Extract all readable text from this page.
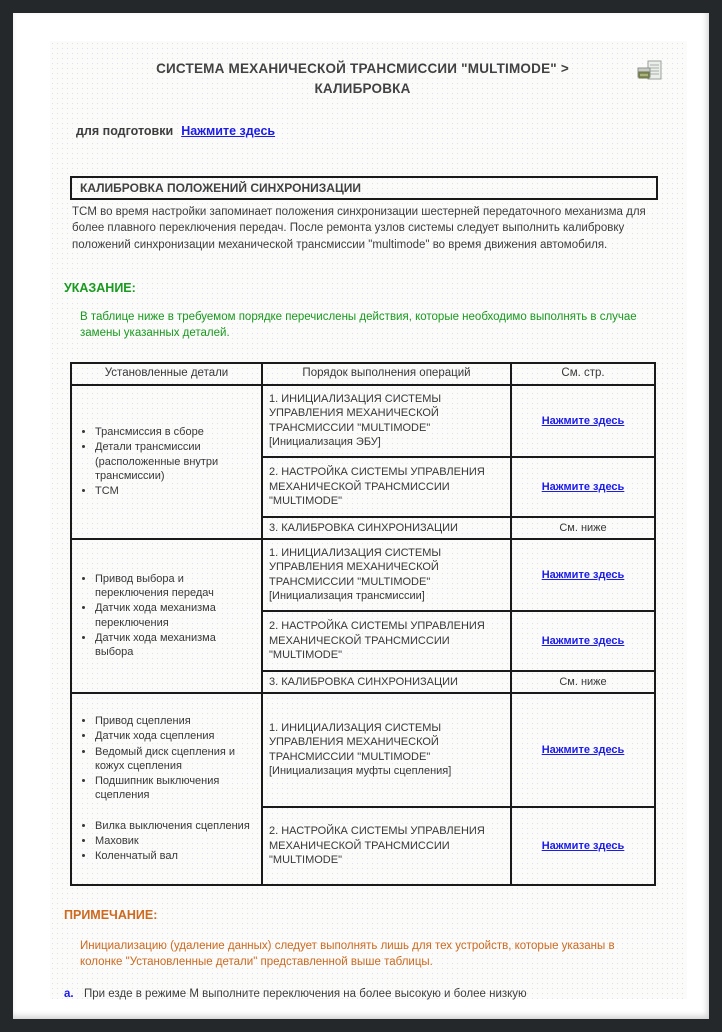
СИСТЕМА МЕХАНИЧЕСКОЙ ТРАНСМИССИИ "MULTIMODE" > КАЛИБРОВКА
для подготовки Нажмите здесь
КАЛИБРОВКА ПОЛОЖЕНИЙ СИНХРОНИЗАЦИИ

TCM во время настройки запоминает положения синхронизации шестерней передаточного механизма для более плавного переключения передач. После ремонта узлов системы следует выполнить калибровку положений синхронизации механической трансмиссии "multimode" во время движения автомобиля.

УКАЗАНИЕ:
В таблице ниже в требуемом порядке перечислены действия, которые необходимо выполнять в случае замены указанных деталей.
Установленные детали	Порядок выполнения операций	См. стр.

• Трансмиссия в сборе
• Детали трансмиссии (расположенные внутри трансмиссии)
• TCM
	1. ИНИЦИАЛИЗАЦИЯ СИСТЕМЫ УПРАВЛЕНИЯ МЕХАНИЧЕСКОЙ ТРАНСМИССИИ "MULTIMODE" [Инициализация ЭБУ]	Нажмите здесь
	2. НАСТРОЙКА СИСТЕМЫ УПРАВЛЕНИЯ МЕХАНИЧЕСКОЙ ТРАНСМИССИИ "MULTIMODE"	Нажмите здесь
	3. КАЛИБРОВКА СИНХРОНИЗАЦИИ	См. ниже

• Привод выбора и переключения передач
• Датчик хода механизма переключения
• Датчик хода механизма выбора
	1. ИНИЦИАЛИЗАЦИЯ СИСТЕМЫ УПРАВЛЕНИЯ МЕХАНИЧЕСКОЙ ТРАНСМИССИИ "MULTIMODE" [Инициализация трансмиссии]	Нажмите здесь
	2. НАСТРОЙКА СИСТЕМЫ УПРАВЛЕНИЯ МЕХАНИЧЕСКОЙ ТРАНСМИССИИ "MULTIMODE"	Нажмите здесь
	3. КАЛИБРОВКА СИНХРОНИЗАЦИИ	См. ниже

• Привод сцепления
• Датчик хода сцепления
• Ведомый диск сцепления и кожух сцепления
• Подшипник выключения сцепления
• Вилка выключения сцепления
• Маховик
• Коленчатый вал
	1. ИНИЦИАЛИЗАЦИЯ СИСТЕМЫ УПРАВЛЕНИЯ МЕХАНИЧЕСКОЙ ТРАНСМИССИИ "MULTIMODE" [Инициализация муфты сцепления]	Нажмите здесь
	2. НАСТРОЙКА СИСТЕМЫ УПРАВЛЕНИЯ МЕХАНИЧЕСКОЙ ТРАНСМИССИИ "MULTIMODE"	Нажмите здесь
ПРИМЕЧАНИЕ:
Инициализацию (удаление данных) следует выполнять лишь для тех устройств, которые указаны в колонке "Установленные детали" представленной выше таблицы.
a. При езде в режиме M выполните переключения на более высокую и более низкую
